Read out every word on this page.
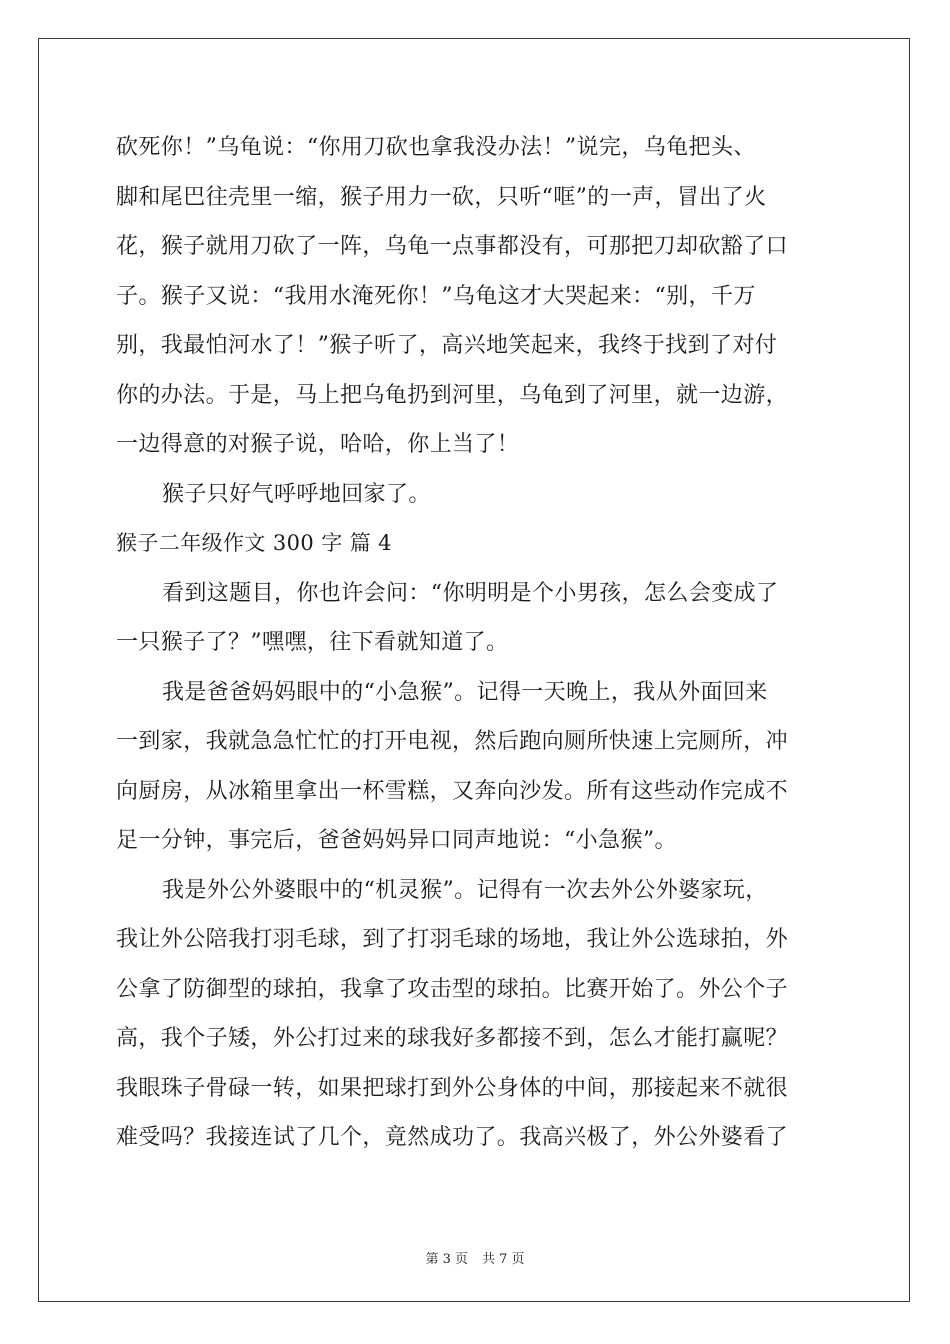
砍死你！”乌龟说：“你用刀砍也拿我没办法！”说完，乌龟把头、
脚和尾巴往壳里一缩，猴子用力一砍，只听“哐”的一声，冒出了火
花，猴子就用刀砍了一阵，乌龟一点事都没有，可那把刀却砍豁了口
子。猴子又说：“我用水淹死你！”乌龟这才大哭起来：“别，千万
别，我最怕河水了！”猴子听了，高兴地笑起来，我终于找到了对付
你的办法。于是，马上把乌龟扔到河里，乌龟到了河里，就一边游，
一边得意的对猴子说，哈哈，你上当了！
猴子只好气呼呼地回家了。
猴子二年级作文 300 字 篇 4
看到这题目，你也许会问：“你明明是个小男孩，怎么会变成了
一只猴子了？”嘿嘿，往下看就知道了。
我是爸爸妈妈眼中的“小急猴”。记得一天晚上，我从外面回来
一到家，我就急急忙忙的打开电视，然后跑向厕所快速上完厕所，冲
向厨房，从冰箱里拿出一杯雪糕，又奔向沙发。所有这些动作完成不
足一分钟，事完后，爸爸妈妈异口同声地说：“小急猴”。
我是外公外婆眼中的“机灵猴”。记得有一次去外公外婆家玩，
我让外公陪我打羽毛球，到了打羽毛球的场地，我让外公选球拍，外
公拿了防御型的球拍，我拿了攻击型的球拍。比赛开始了。外公个子
高，我个子矮，外公打过来的球我好多都接不到，怎么才能打赢呢？
我眼珠子骨碌一转，如果把球打到外公身体的中间，那接起来不就很
难受吗？我接连试了几个，竟然成功了。我高兴极了，外公外婆看了
第 3 页 共 7 页
